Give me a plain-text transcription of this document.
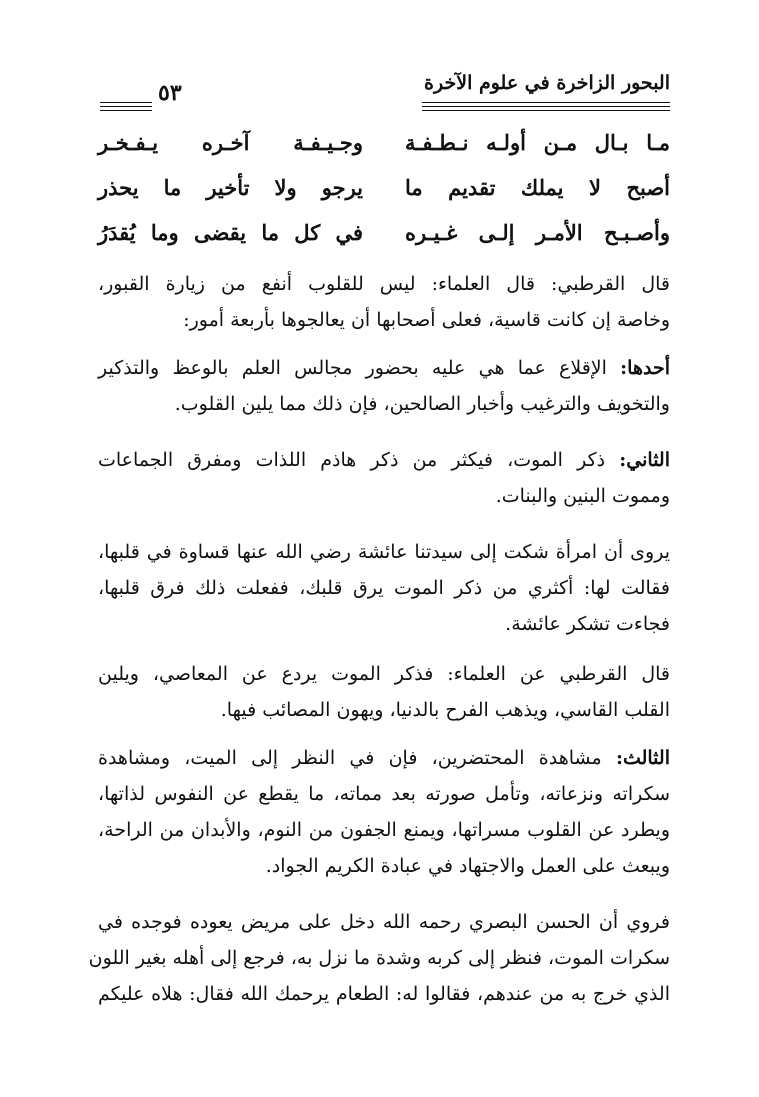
البحور الزاخرة في علوم الآخرة
٥٣
مـا بـال مـن أولـه نـطـفـة
وجـيـفـة آخـره يـفـخـر
أصبح لا يملك تقديم ما
يرجو ولا تأخير ما يحذر
وأصـبـح الأمـر إلـى غـيـره
في كل ما يقضى وما يُقدَرُ
قال القرطبي: قال العلماء: ليس للقلوب أنفع من زيارة القبور،
وخاصة إن كانت قاسية، فعلى أصحابها أن يعالجوها بأربعة أمور:
أحدها: الإقلاع عما هي عليه بحضور مجالس العلم بالوعظ والتذكير
والتخويف والترغيب وأخبار الصالحين، فإن ذلك مما يلين القلوب.
الثاني: ذكر الموت، فيكثر من ذكر هاذم اللذات ومفرق الجماعات
ومموت البنين والبنات.
يروى أن امرأة شكت إلى سيدتنا عائشة رضي الله عنها قساوة في قلبها،
فقالت لها: أكثري من ذكر الموت يرق قلبك، ففعلت ذلك فرق قلبها،
فجاءت تشكر عائشة.
قال القرطبي عن العلماء: فذكر الموت يردع عن المعاصي، ويلين
القلب القاسي، ويذهب الفرح بالدنيا، ويهون المصائب فيها.
الثالث: مشاهدة المحتضرين، فإن في النظر إلى الميت، ومشاهدة
سكراته ونزعاته، وتأمل صورته بعد مماته، ما يقطع عن النفوس لذاتها،
ويطرد عن القلوب مسراتها، ويمنع الجفون من النوم، والأبدان من الراحة،
ويبعث على العمل والاجتهاد في عبادة الكريم الجواد.
فروي أن الحسن البصري رحمه الله دخل على مريض يعوده فوجده في
سكرات الموت، فنظر إلى كربه وشدة ما نزل به، فرجع إلى أهله بغير اللون
الذي خرج به من عندهم، فقالوا له: الطعام يرحمك الله فقال: هلاه عليكم
